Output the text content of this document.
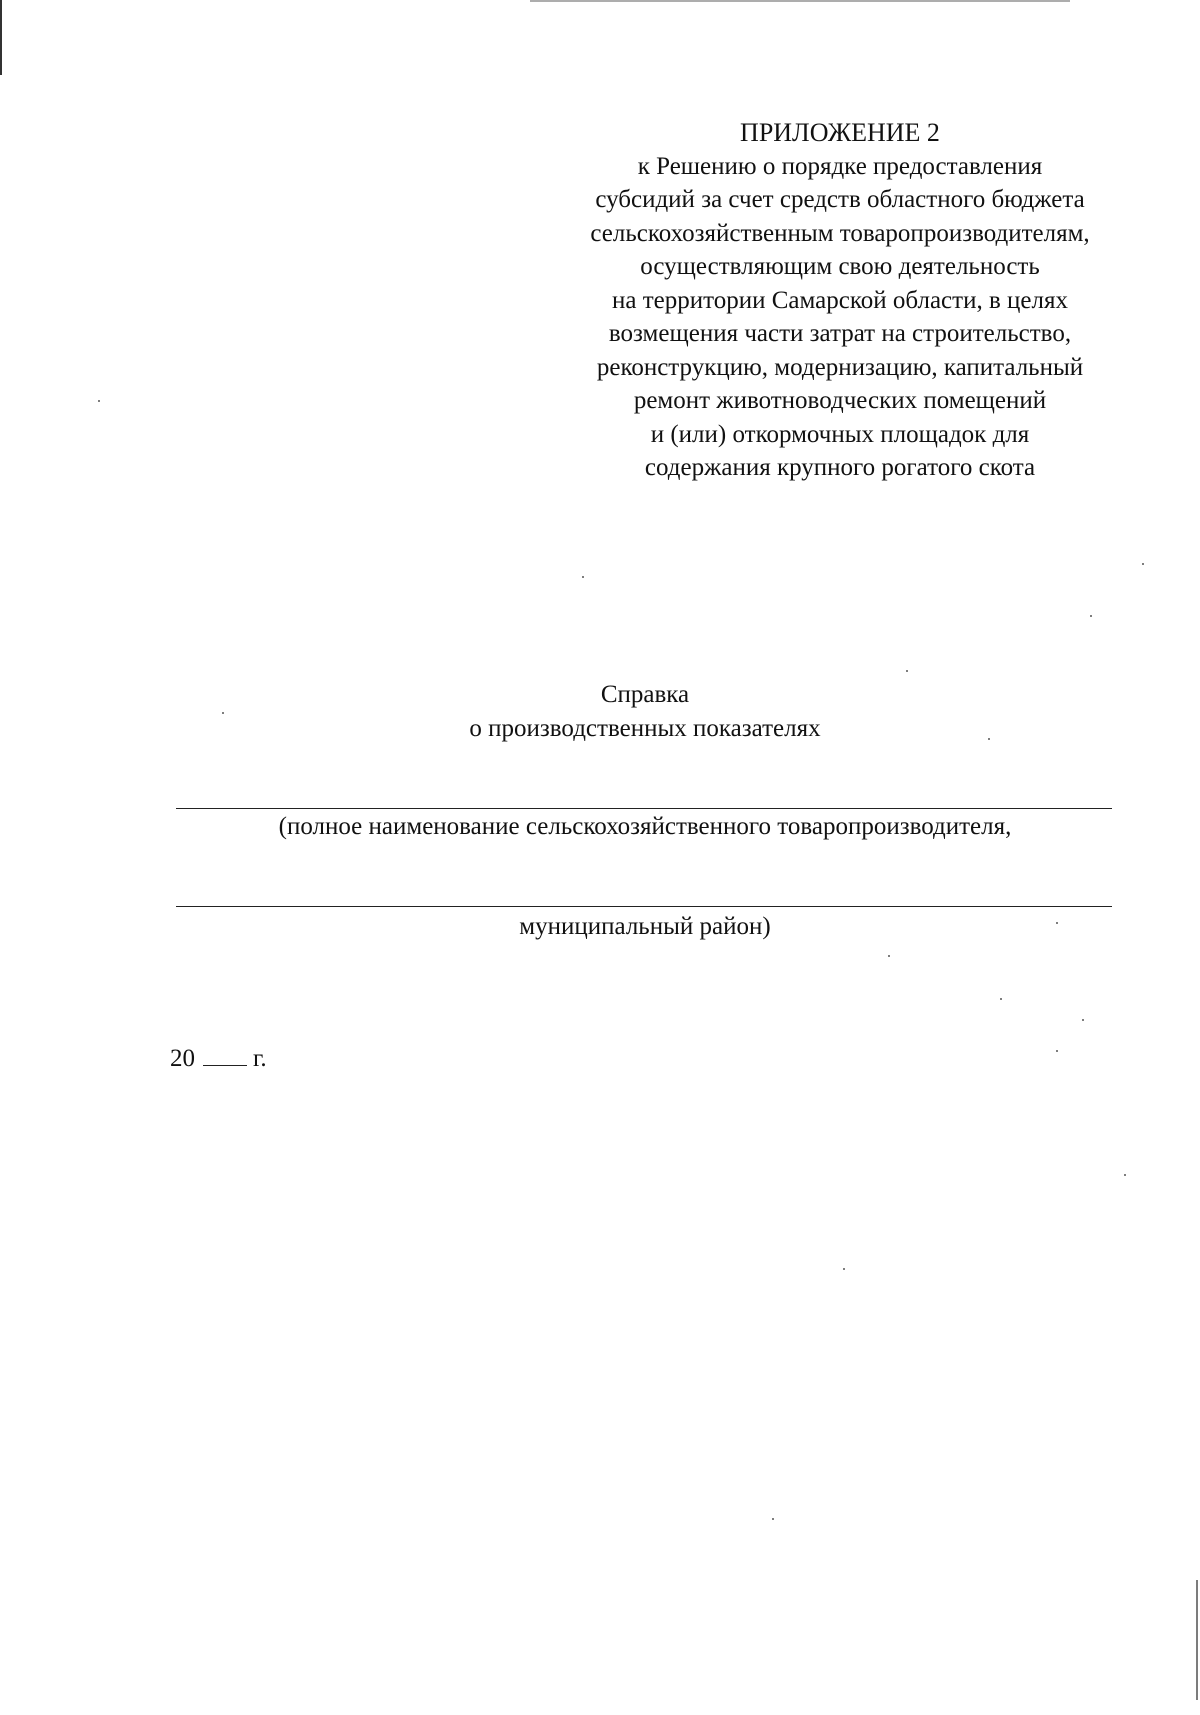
ПРИЛОЖЕНИЕ 2
к Решению о порядке предоставления
субсидий за счет средств областного бюджета
сельскохозяйственным товаропроизводителям,
осуществляющим свою деятельность
на территории Самарской области, в целях
возмещения части затрат на строительство,
реконструкцию, модернизацию, капитальный
ремонт животноводческих помещений
и (или) откормочных площадок для
содержания крупного рогатого скота
Справка
о производственных показателях
(полное наименование сельскохозяйственного товаропроизводителя,
муниципальный район)
20 г.
